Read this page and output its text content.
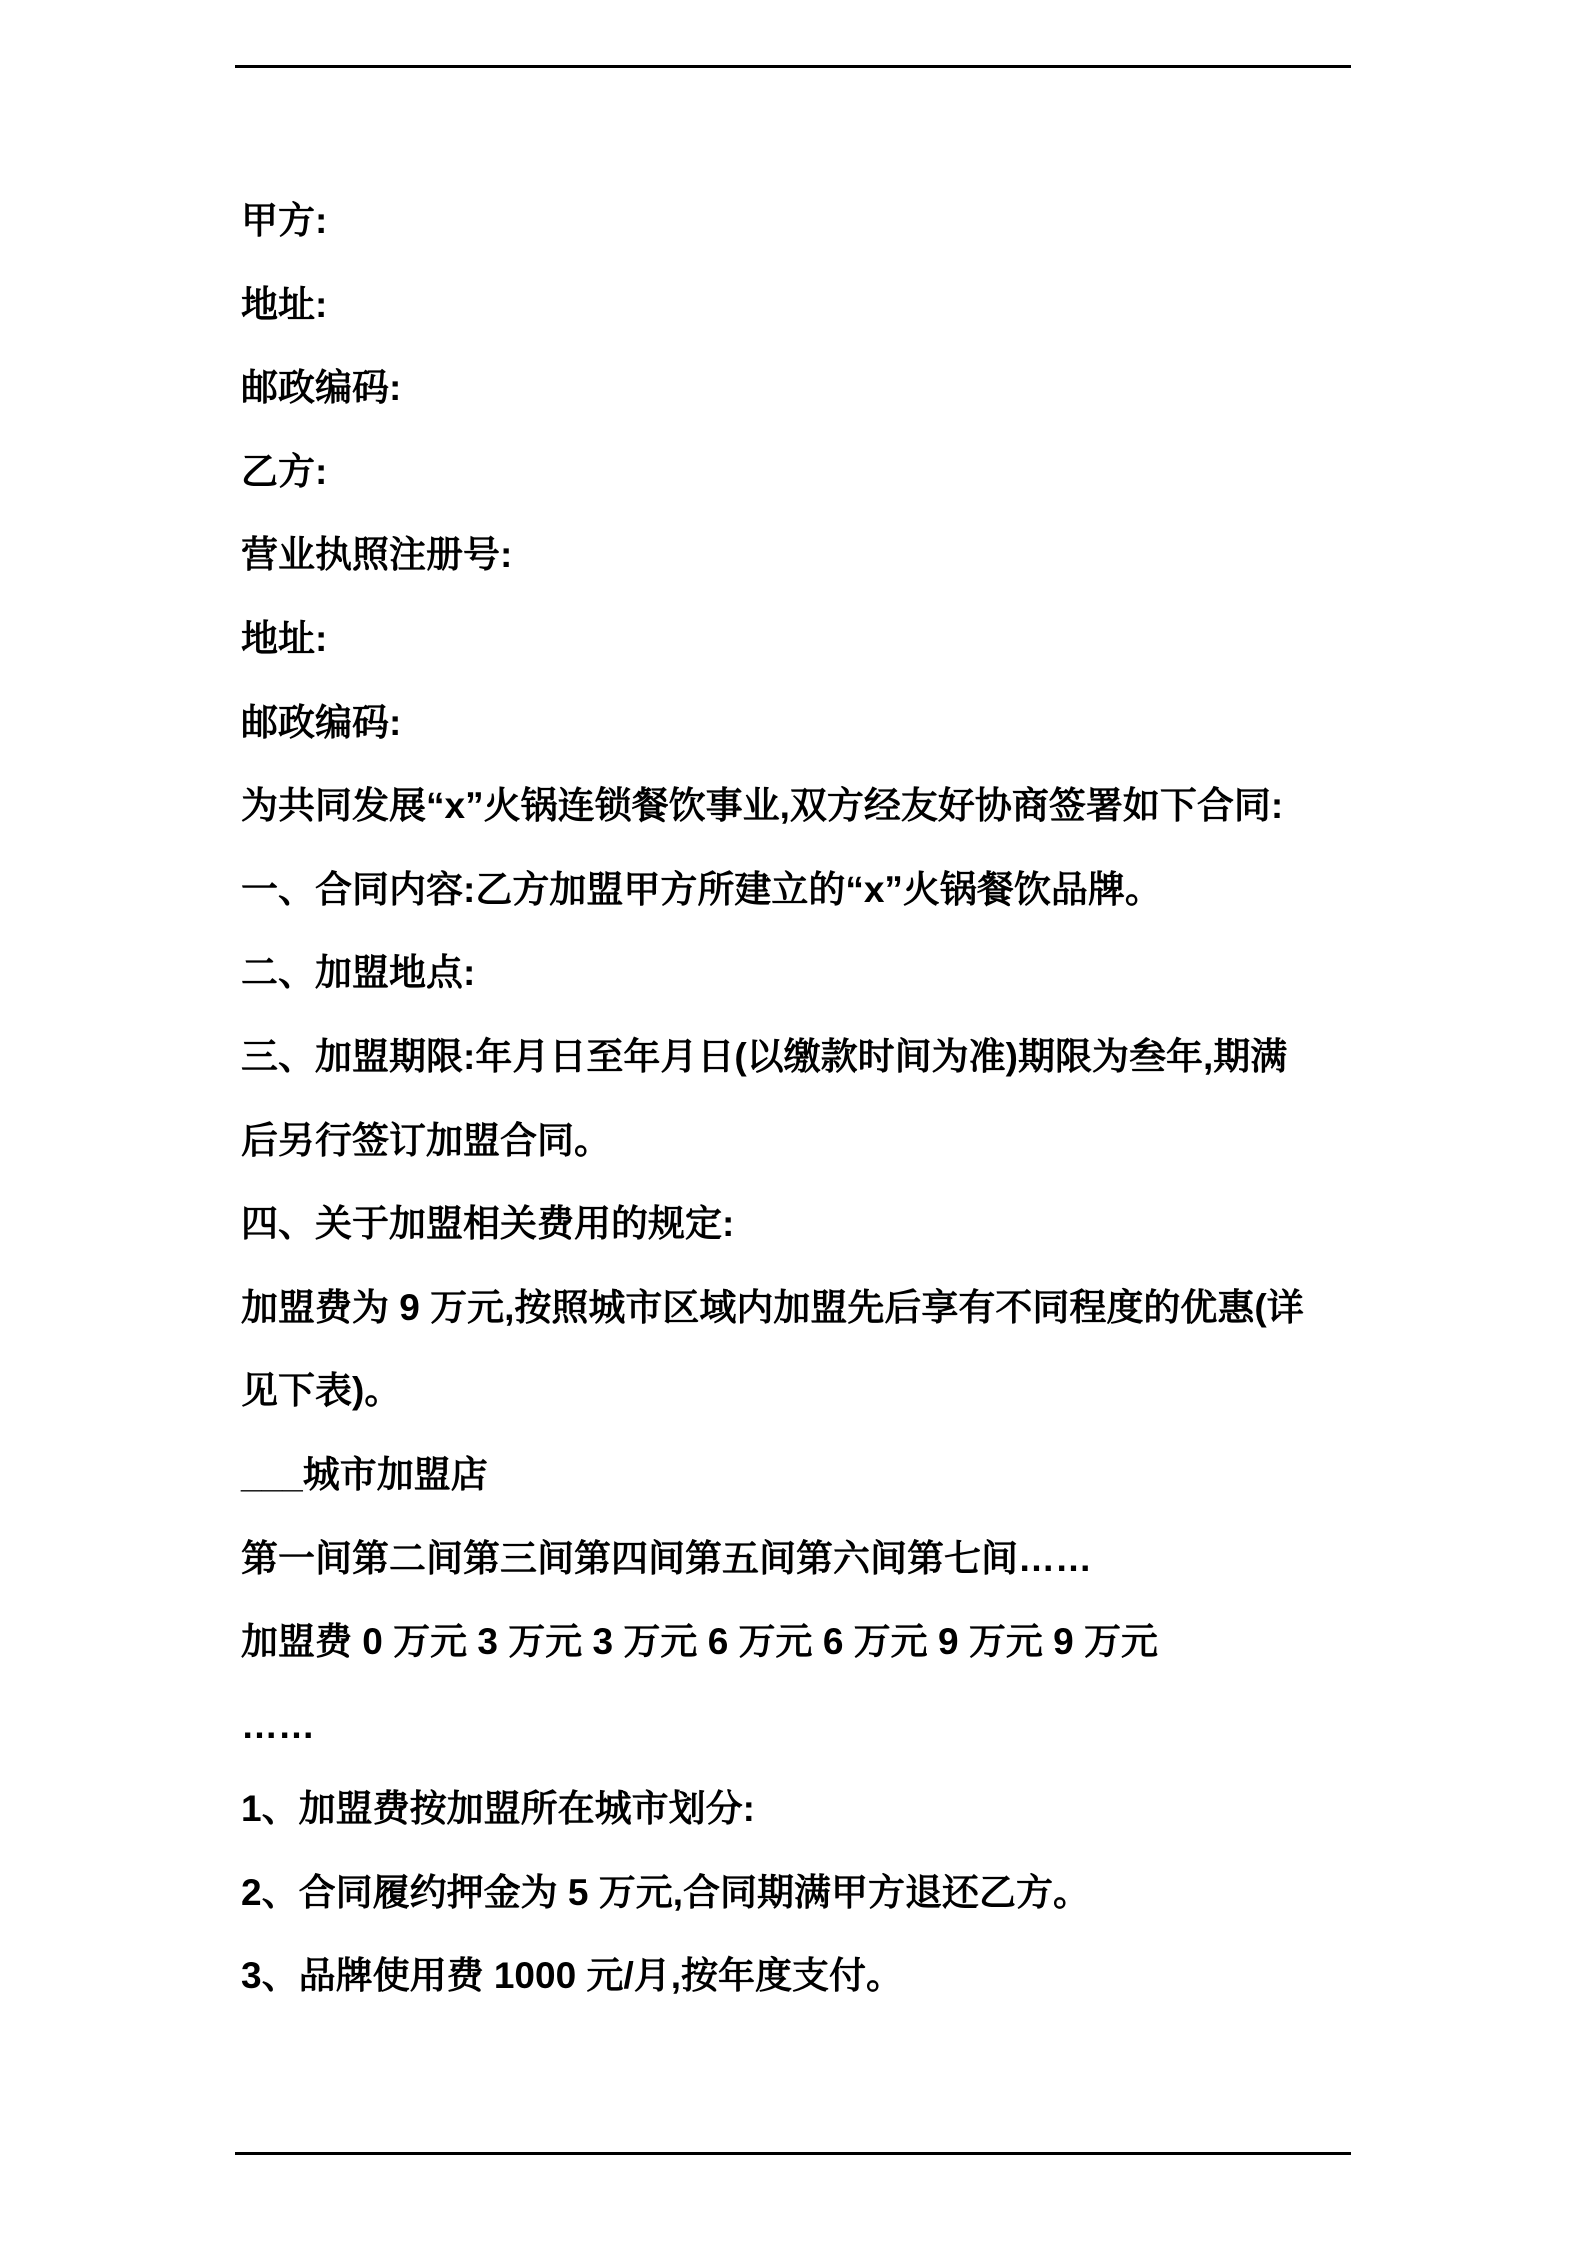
甲方:

地址:

邮政编码:

乙方:

营业执照注册号:

地址:

邮政编码:

为共同发展“x”火锅连锁餐饮事业,双方经友好协商签署如下合同:

一、合同内容:乙方加盟甲方所建立的“x”火锅餐饮品牌。

二、加盟地点:

三、加盟期限:年月日至年月日(以缴款时间为准)期限为叁年,期满

后另行签订加盟合同。

四、关于加盟相关费用的规定:

加盟费为 9 万元,按照城市区域内加盟先后享有不同程度的优惠(详

见下表)。

___城市加盟店

第一间第二间第三间第四间第五间第六间第七间……

加盟费 0 万元 3 万元 3 万元 6 万元 6 万元 9 万元 9 万元

……

1、加盟费按加盟所在城市划分:

2、合同履约押金为 5 万元,合同期满甲方退还乙方。

3、品牌使用费 1000 元/月,按年度支付。
